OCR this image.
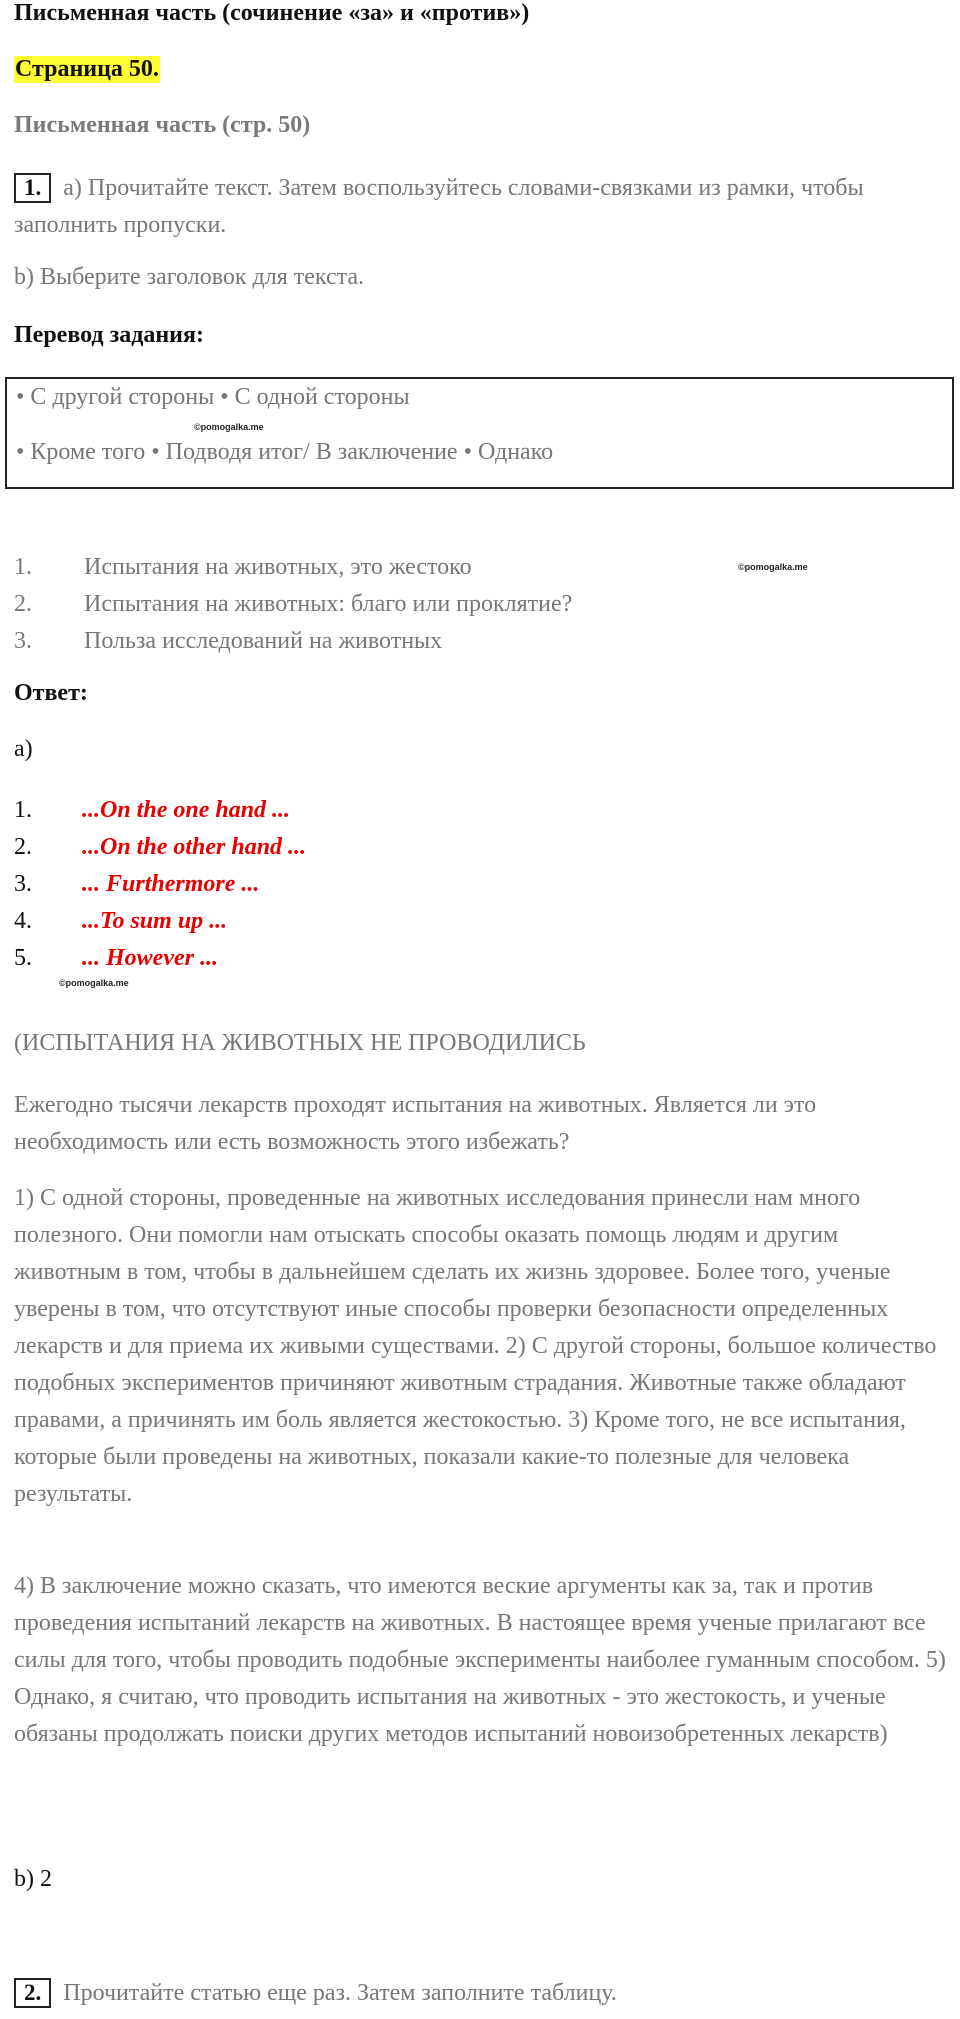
Письменная часть (сочинение «за» и «против»)
Страница 50.
Письменная часть (стр. 50)
1. a) Прочитайте текст. Затем воспользуйтесь словами-связками из рамки, чтобы заполнить пропуски.
b) Выберите заголовок для текста.
Перевод задания:
• С другой стороны • С одной стороны
©pomogalka.me
• Кроме того • Подводя итог/ В заключение • Однако
1. Испытания на животных, это жестоко	©pomogalka.me
2. Испытания на животных: благо или проклятие?
3. Польза исследований на животных
Ответ:
a)
1. ...On the one hand ...
2. ...On the other hand ...
3. ... Furthermore ...
4. ...To sum up ...
5. ... However ...
©pomogalka.me
(ИСПЫТАНИЯ НА ЖИВОТНЫХ НЕ ПРОВОДИЛИСЬ
Ежегодно тысячи лекарств проходят испытания на животных. Является ли это необходимость или есть возможность этого избежать?
1) С одной стороны, проведенные на животных исследования принесли нам много полезного. Они помогли нам отыскать способы оказать помощь людям и другим животным в том, чтобы в дальнейшем сделать их жизнь здоровее. Более того, ученые уверены в том, что отсутствуют иные способы проверки безопасности определенных лекарств и для приема их живыми существами. 2) С другой стороны, большое количество подобных экспериментов причиняют животным страдания. Животные также обладают правами, а причинять им боль является жестокостью. 3) Кроме того, не все испытания, которые были проведены на животных, показали какие-то полезные для человека результаты.
4) В заключение можно сказать, что имеются веские аргументы как за, так и против проведения испытаний лекарств на животных. В настоящее время ученые прилагают все силы для того, чтобы проводить подобные эксперименты наиболее гуманным способом. 5) Однако, я считаю, что проводить испытания на животных - это жестокость, и ученые обязаны продолжать поиски других методов испытаний новоизобретенных лекарств)
b) 2
2. Прочитайте статью еще раз. Затем заполните таблицу.
